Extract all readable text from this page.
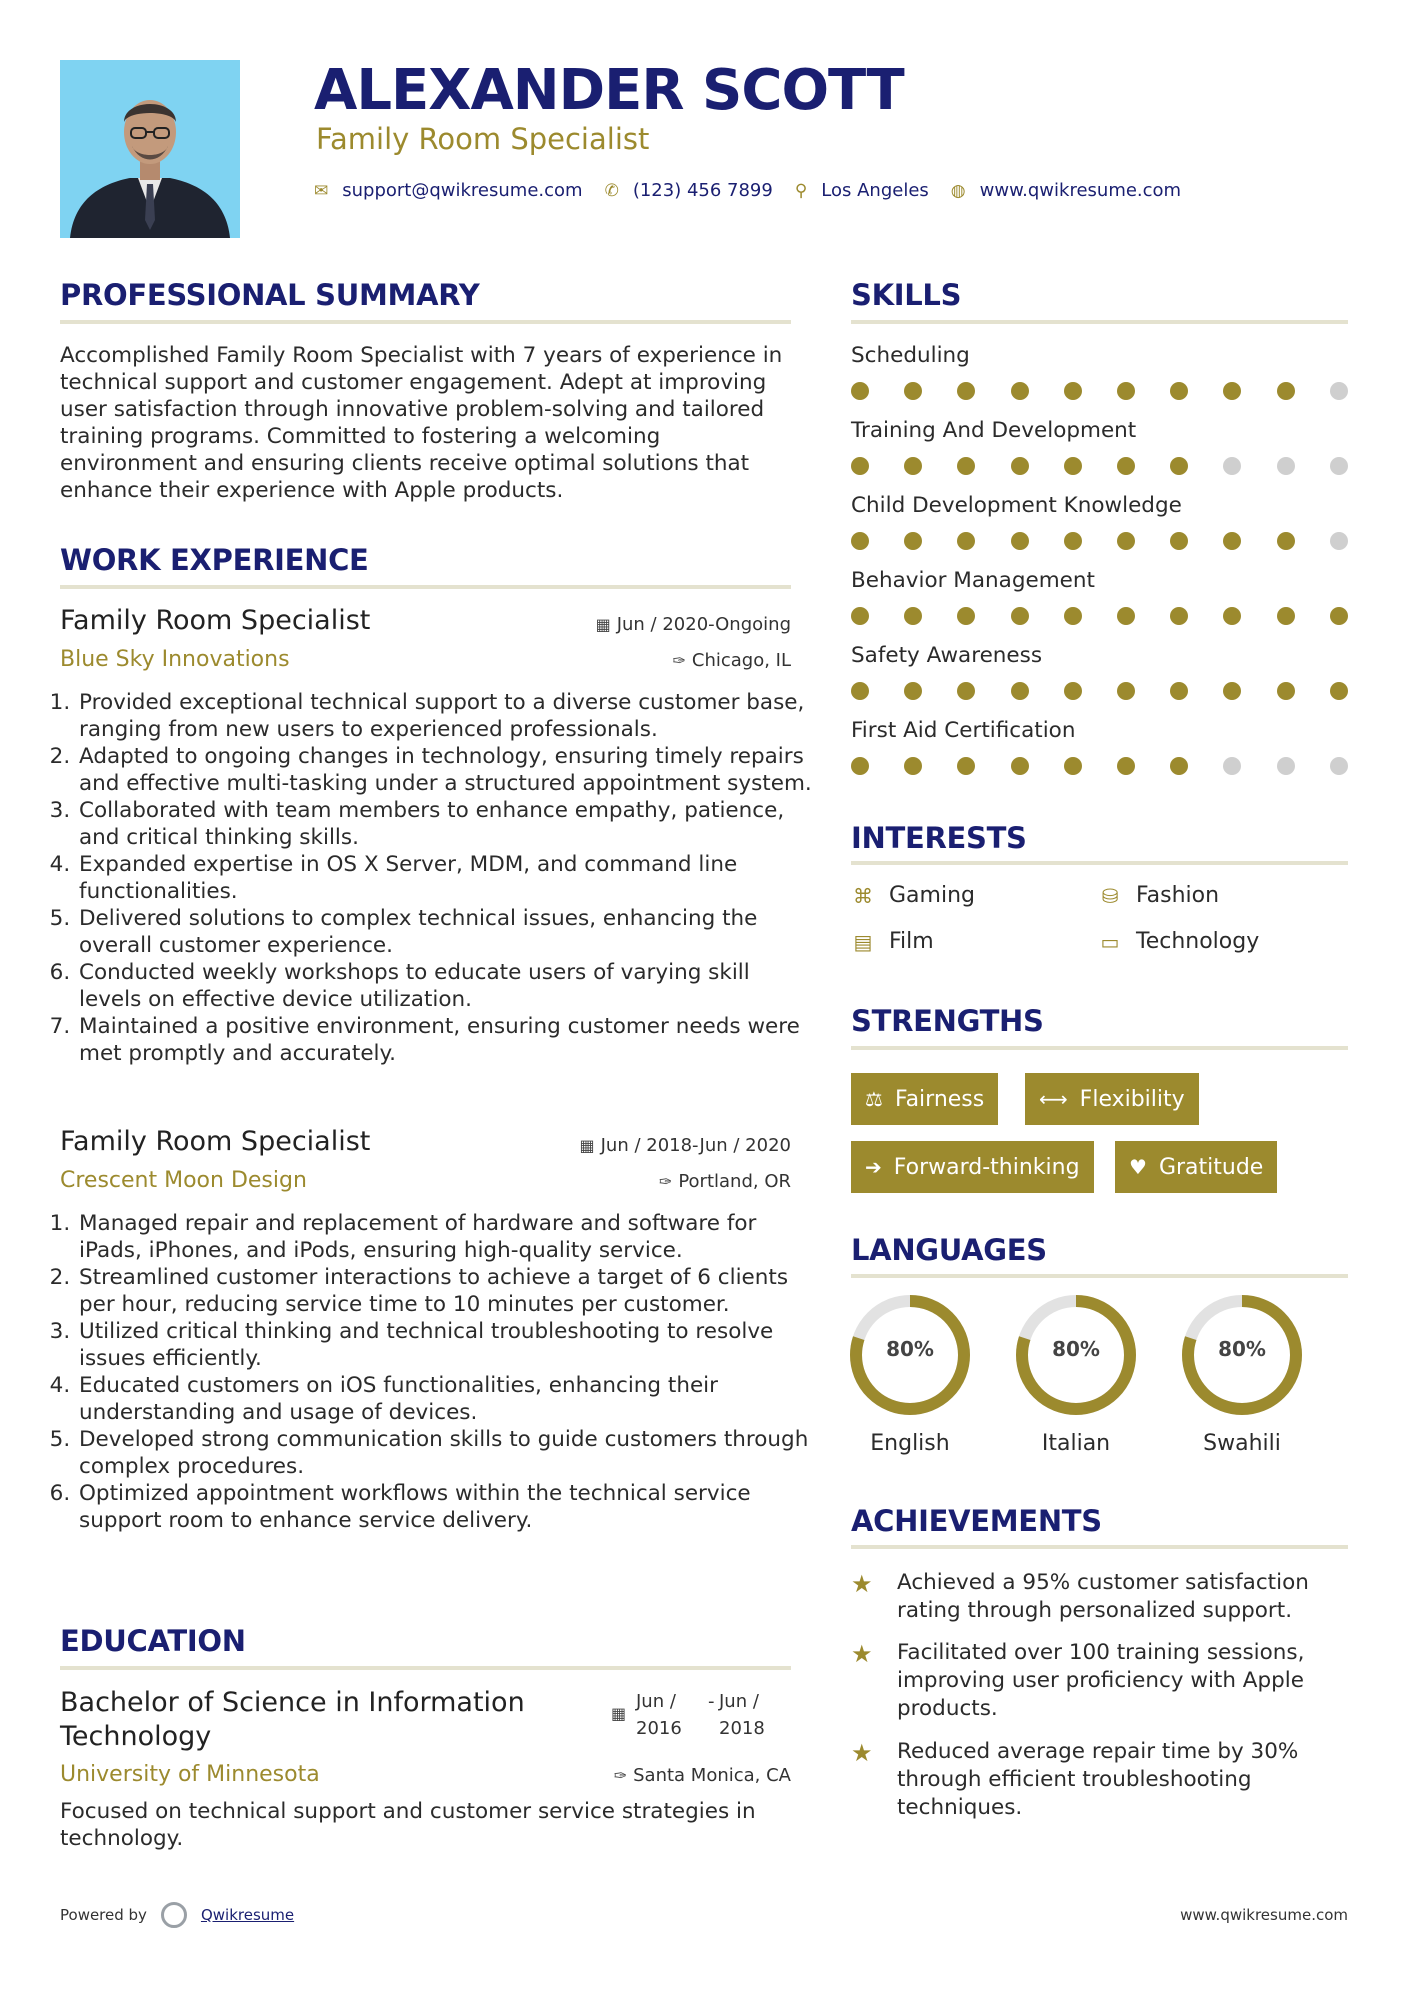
ALEXANDER SCOTT
Family Room Specialist
✉ support@qwikresume.com ✆ (123) 456 7899 ⚲ Los Angeles ◍ www.qwikresume.com
PROFESSIONAL SUMMARY
Accomplished Family Room Specialist with 7 years of experience in technical support and customer engagement. Adept at improving user satisfaction through innovative problem-solving and tailored training programs. Committed to fostering a welcoming environment and ensuring clients receive optimal solutions that enhance their experience with Apple products.
WORK EXPERIENCE
Family Room Specialist	▦ Jun / 2020-Ongoing
Blue Sky Innovations	✑ Chicago, IL
1. Provided exceptional technical support to a diverse customer base, ranging from new users to experienced professionals.
2. Adapted to ongoing changes in technology, ensuring timely repairs and effective multi-tasking under a structured appointment system.
3. Collaborated with team members to enhance empathy, patience, and critical thinking skills.
4. Expanded expertise in OS X Server, MDM, and command line functionalities.
5. Delivered solutions to complex technical issues, enhancing the overall customer experience.
6. Conducted weekly workshops to educate users of varying skill levels on effective device utilization.
7. Maintained a positive environment, ensuring customer needs were met promptly and accurately.
Family Room Specialist	▦ Jun / 2018-Jun / 2020
Crescent Moon Design	✑ Portland, OR
1. Managed repair and replacement of hardware and software for iPads, iPhones, and iPods, ensuring high-quality service.
2. Streamlined customer interactions to achieve a target of 6 clients per hour, reducing service time to 10 minutes per customer.
3. Utilized critical thinking and technical troubleshooting to resolve issues efficiently.
4. Educated customers on iOS functionalities, enhancing their understanding and usage of devices.
5. Developed strong communication skills to guide customers through complex procedures.
6. Optimized appointment workflows within the technical service support room to enhance service delivery.
EDUCATION
Bachelor of Science in Information Technology
▦
Jun / 2016
- Jun / 2018
University of Minnesota	✑ Santa Monica, CA
Focused on technical support and customer service strategies in technology.
SKILLS
Scheduling
Training And Development
Child Development Knowledge
Behavior Management
Safety Awareness
First Aid Certification
INTERESTS
⌘ Gaming	⛁ Fashion
▤ Film	▭ Technology
STRENGTHS
⚖ Fairness	⟷ Flexibility
➔ Forward-thinking ♥ Gratitude
LANGUAGES
80%
English
80%
Italian
80%
Swahili
ACHIEVEMENTS
★	Achieved a 95% customer satisfaction rating through personalized support.
★	Facilitated over 100 training sessions, improving user proficiency with Apple products.
★	Reduced average repair time by 30% through efficient troubleshooting techniques.
Powered by	Qwikresume	www.qwikresume.com
